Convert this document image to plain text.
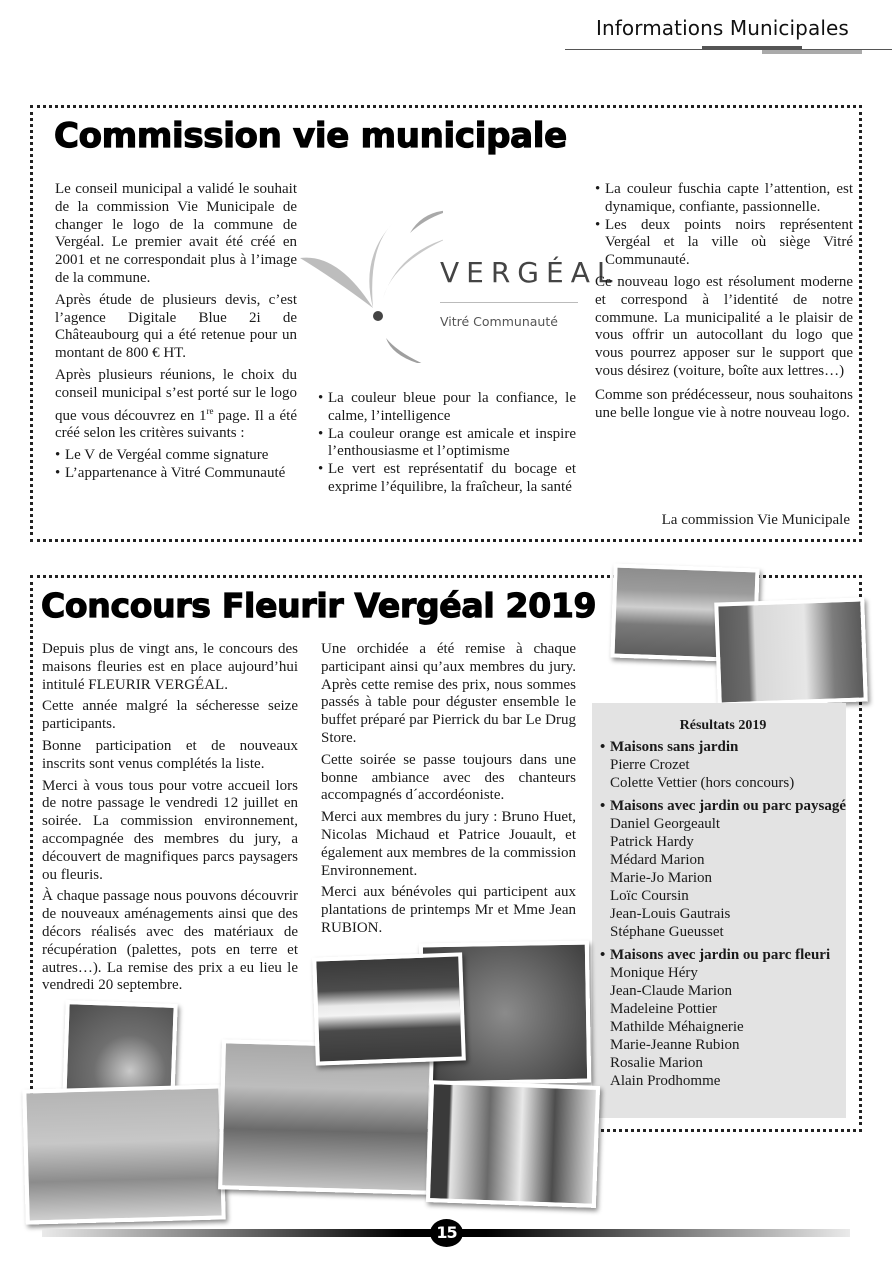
Informations Municipales
Commission vie municipale

Le conseil municipal a validé le souhait de la commission Vie Municipale de changer le logo de la commune de Vergéal. Le premier avait été créé en 2001 et ne correspondait plus à l’image de la commune.

Après étude de plusieurs devis, c’est l’agence Digitale Blue 2i de Châteaubourg qui a été retenue pour un montant de 800 € HT.

Après plusieurs réunions, le choix du conseil municipal s’est porté sur le logo que vous découvrez en 1re page. Il a été créé selon les critères suivants :

• Le V de Vergéal comme signature
• L’appartenance à Vitré Communauté
VERGÉAL
Vitré Communauté
• La couleur bleue pour la confiance, le calme, l’intelligence
• La couleur orange est amicale et inspire l’enthousiasme et l’optimisme
• Le vert est représentatif du bocage et exprime l’équilibre, la fraîcheur, la santé
• La couleur fuschia capte l’attention, est dynamique, confiante, passionnelle.
• Les deux points noirs représentent Vergéal et la ville où siège Vitré Communauté.

Ce nouveau logo est résolument moderne et correspond à l’identité de notre commune. La municipalité a le plaisir de vous offrir un autocollant du logo que vous pourrez apposer sur le support que vous désirez (voiture, boîte aux lettres…)

Comme son prédécesseur, nous souhaitons une belle longue vie à notre nouveau logo.

La commission Vie Municipale
Concours Fleurir Vergéal 2019

Depuis plus de vingt ans, le concours des maisons fleuries est en place aujourd’hui intitulé FLEURIR VERGÉAL.

Cette année malgré la sécheresse seize participants.

Bonne participation et de nouveaux inscrits sont venus complétés la liste.

Merci à vous tous pour votre accueil lors de notre passage le vendredi 12 juillet en soirée. La commission environnement, accompagnée des membres du jury, a découvert de magnifiques parcs paysagers ou fleuris.

À chaque passage nous pouvons découvrir de nouveaux aménagements ainsi que des décors réalisés avec des matériaux de récupération (palettes, pots en terre et autres…). La remise des prix a eu lieu le vendredi 20 septembre.

Une orchidée a été remise à chaque participant ainsi qu’aux membres du jury. Après cette remise des prix, nous sommes passés à table pour déguster ensemble le buffet préparé par Pierrick du bar Le Drug Store.

Cette soirée se passe toujours dans une bonne ambiance avec des chanteurs accompagnés d´accordéoniste.

Merci aux membres du jury : Bruno Huet, Nicolas Michaud et Patrice Jouault, et également aux membres de la commission Environnement.

Merci aux bénévoles qui participent aux plantations de printemps Mr et Mme Jean RUBION.

Résultats 2019
• Maisons sans jardin
Pierre Crozet
Colette Vettier (hors concours)
• Maisons avec jardin ou parc paysagé
Daniel Georgeault
Patrick Hardy
Médard Marion
Marie-Jo Marion
Loïc Coursin
Jean-Louis Gautrais
Stéphane Gueusset
• Maisons avec jardin ou parc fleuri
Monique Héry
Jean-Claude Marion
Madeleine Pottier
Mathilde Méhaignerie
Marie-Jeanne Rubion
Rosalie Marion
Alain Prodhomme
15
